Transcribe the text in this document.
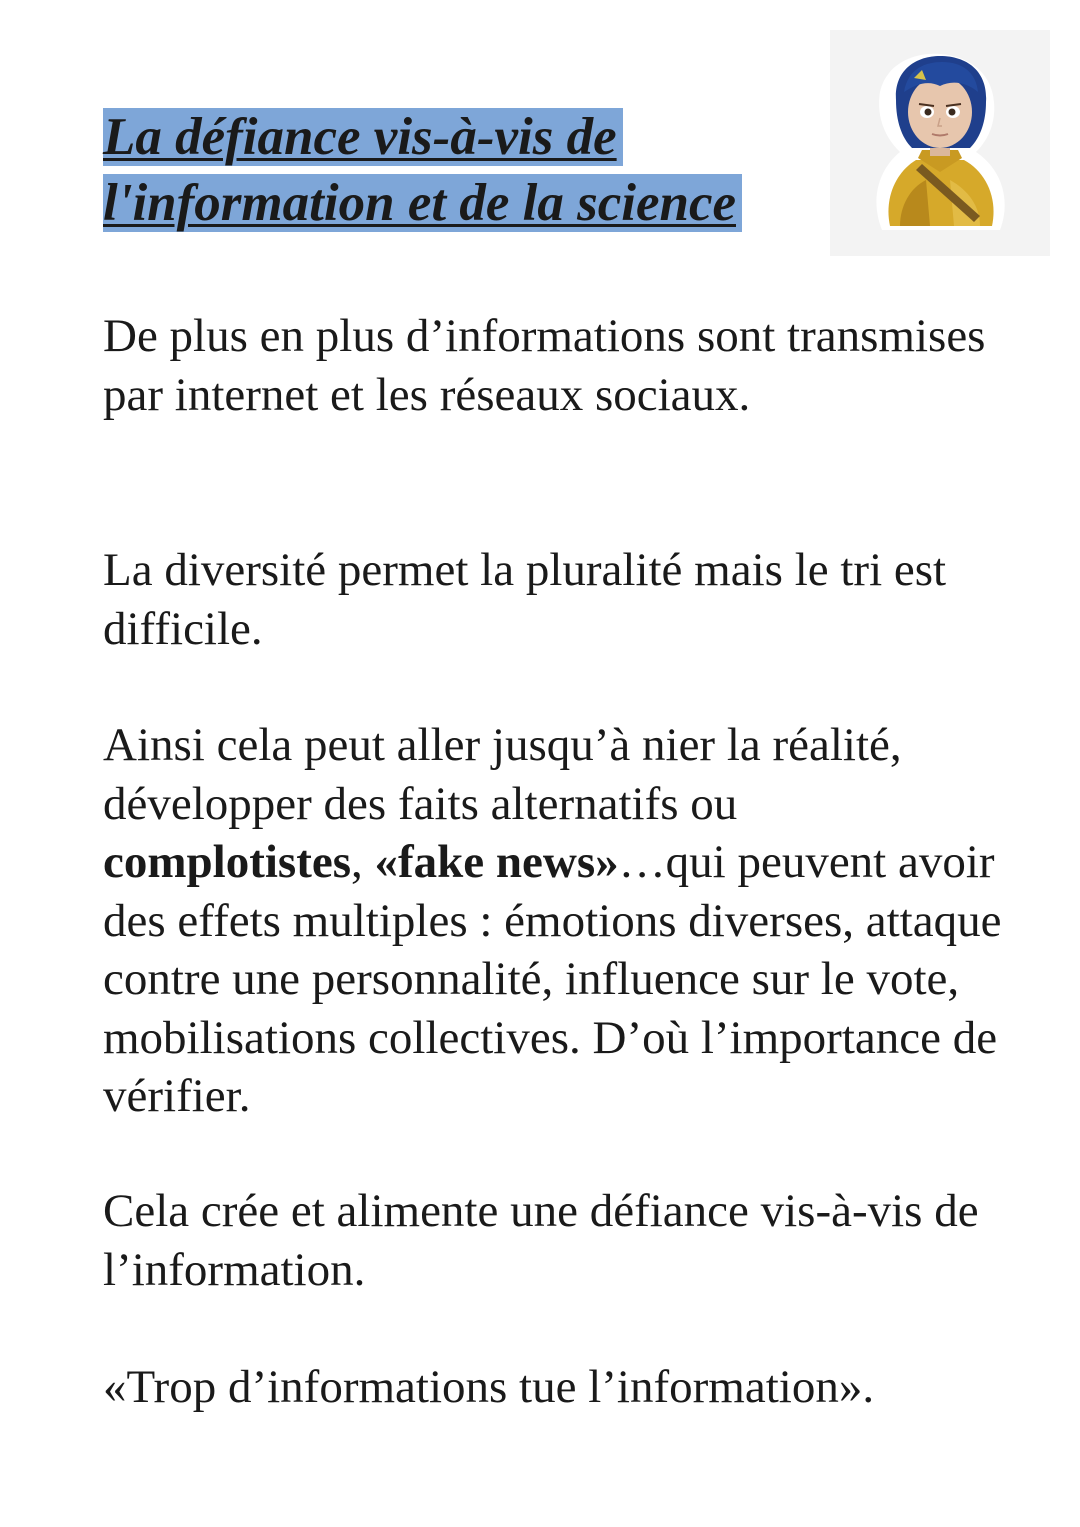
La défiance vis-à-vis de
l'information et de la science

De plus en plus d’informations sont transmises par internet et les réseaux sociaux.

La diversité permet la pluralité mais le tri est difficile.

Ainsi cela peut aller jusqu’à nier la réalité, développer des faits alternatifs ou
complotistes, «fake news»…qui peuvent avoir des effets multiples : émotions diverses, attaque contre une personnalité, influence sur le vote, mobilisations collectives. D’où l’importance de vérifier.

Cela crée et alimente une défiance vis-à-vis de l’information.

«Trop d’informations tue l’information».
